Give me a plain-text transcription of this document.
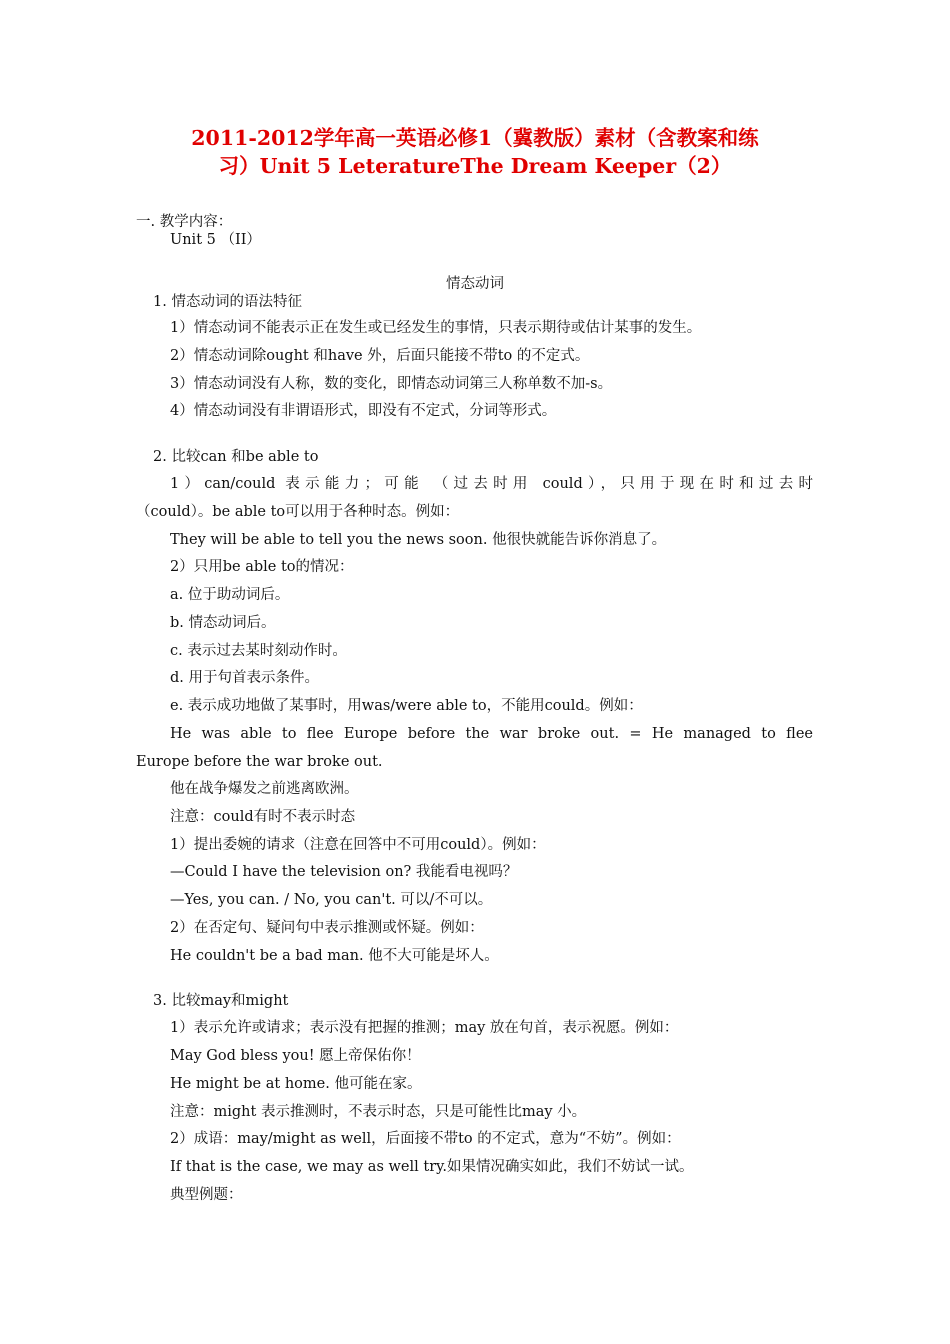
2011-2012学年高一英语必修1（冀教版）素材（含教案和练
习）Unit 5 LeteratureThe Dream Keeper（2）
一. 教学内容：
Unit 5 （II）
情态动词
1. 情态动词的语法特征
1）情态动词不能表示正在发生或已经发生的事情，只表示期待或估计某事的发生。
2）情态动词除ought 和have 外，后面只能接不带to 的不定式。
3）情态动词没有人称，数的变化，即情态动词第三人称单数不加-s。
4）情态动词没有非谓语形式，即没有不定式，分词等形式。
2. 比较can 和be able to
1）can/could 表示能力；可能 （过去时用 could），只用于现在时和过去时
（could）。be able to可以用于各种时态。例如：
They will be able to tell you the news soon. 他很快就能告诉你消息了。
2）只用be able to的情况：
a. 位于助动词后。
b. 情态动词后。
c. 表示过去某时刻动作时。
d. 用于句首表示条件。
e. 表示成功地做了某事时，用was/were able to，不能用could。例如：
He was able to flee Europe before the war broke out. = He managed to flee
Europe before the war broke out.
他在战争爆发之前逃离欧洲。
注意：could有时不表示时态
1）提出委婉的请求（注意在回答中不可用could）。例如：
—Could I have the television on? 我能看电视吗？
—Yes, you can. / No, you can't. 可以/不可以。
2）在否定句、疑问句中表示推测或怀疑。例如：
He couldn't be a bad man. 他不大可能是坏人。
3. 比较may和might
1）表示允许或请求；表示没有把握的推测；may 放在句首，表示祝愿。例如：
May God bless you! 愿上帝保佑你！
He might be at home. 他可能在家。
注意：might 表示推测时，不表示时态，只是可能性比may 小。
2）成语：may/might as well，后面接不带to 的不定式，意为“不妨”。例如：
If that is the case, we may as well try.如果情况确实如此，我们不妨试一试。
典型例题：
